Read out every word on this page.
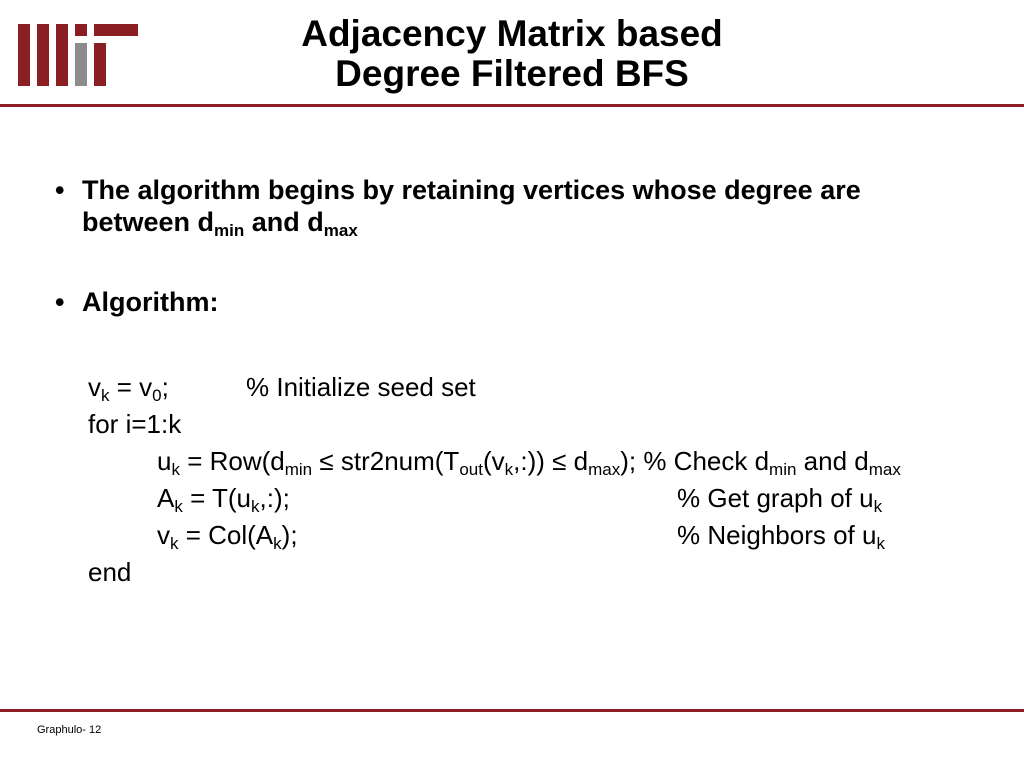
Adjacency Matrix based
Degree Filtered BFS
• The algorithm begins by retaining vertices whose degree are
between $d_{min}$ and $d_{max}$
• Algorithm:
$v_k = v_0$;	% Initialize seed set
for i=1:k
$u_k = Row(d_{min}$ ≤ $str2num(T_{out}(v_k,:)) \le d_{max}$); % Check $d_{min}$ and $d_{max}$
$A_k$ = $T(u_k,:)$;	% Get graph of $u_k$
$v_k = Col(A_k)$;	% Neighbors of $u_k$
end
Graphulo- 12
